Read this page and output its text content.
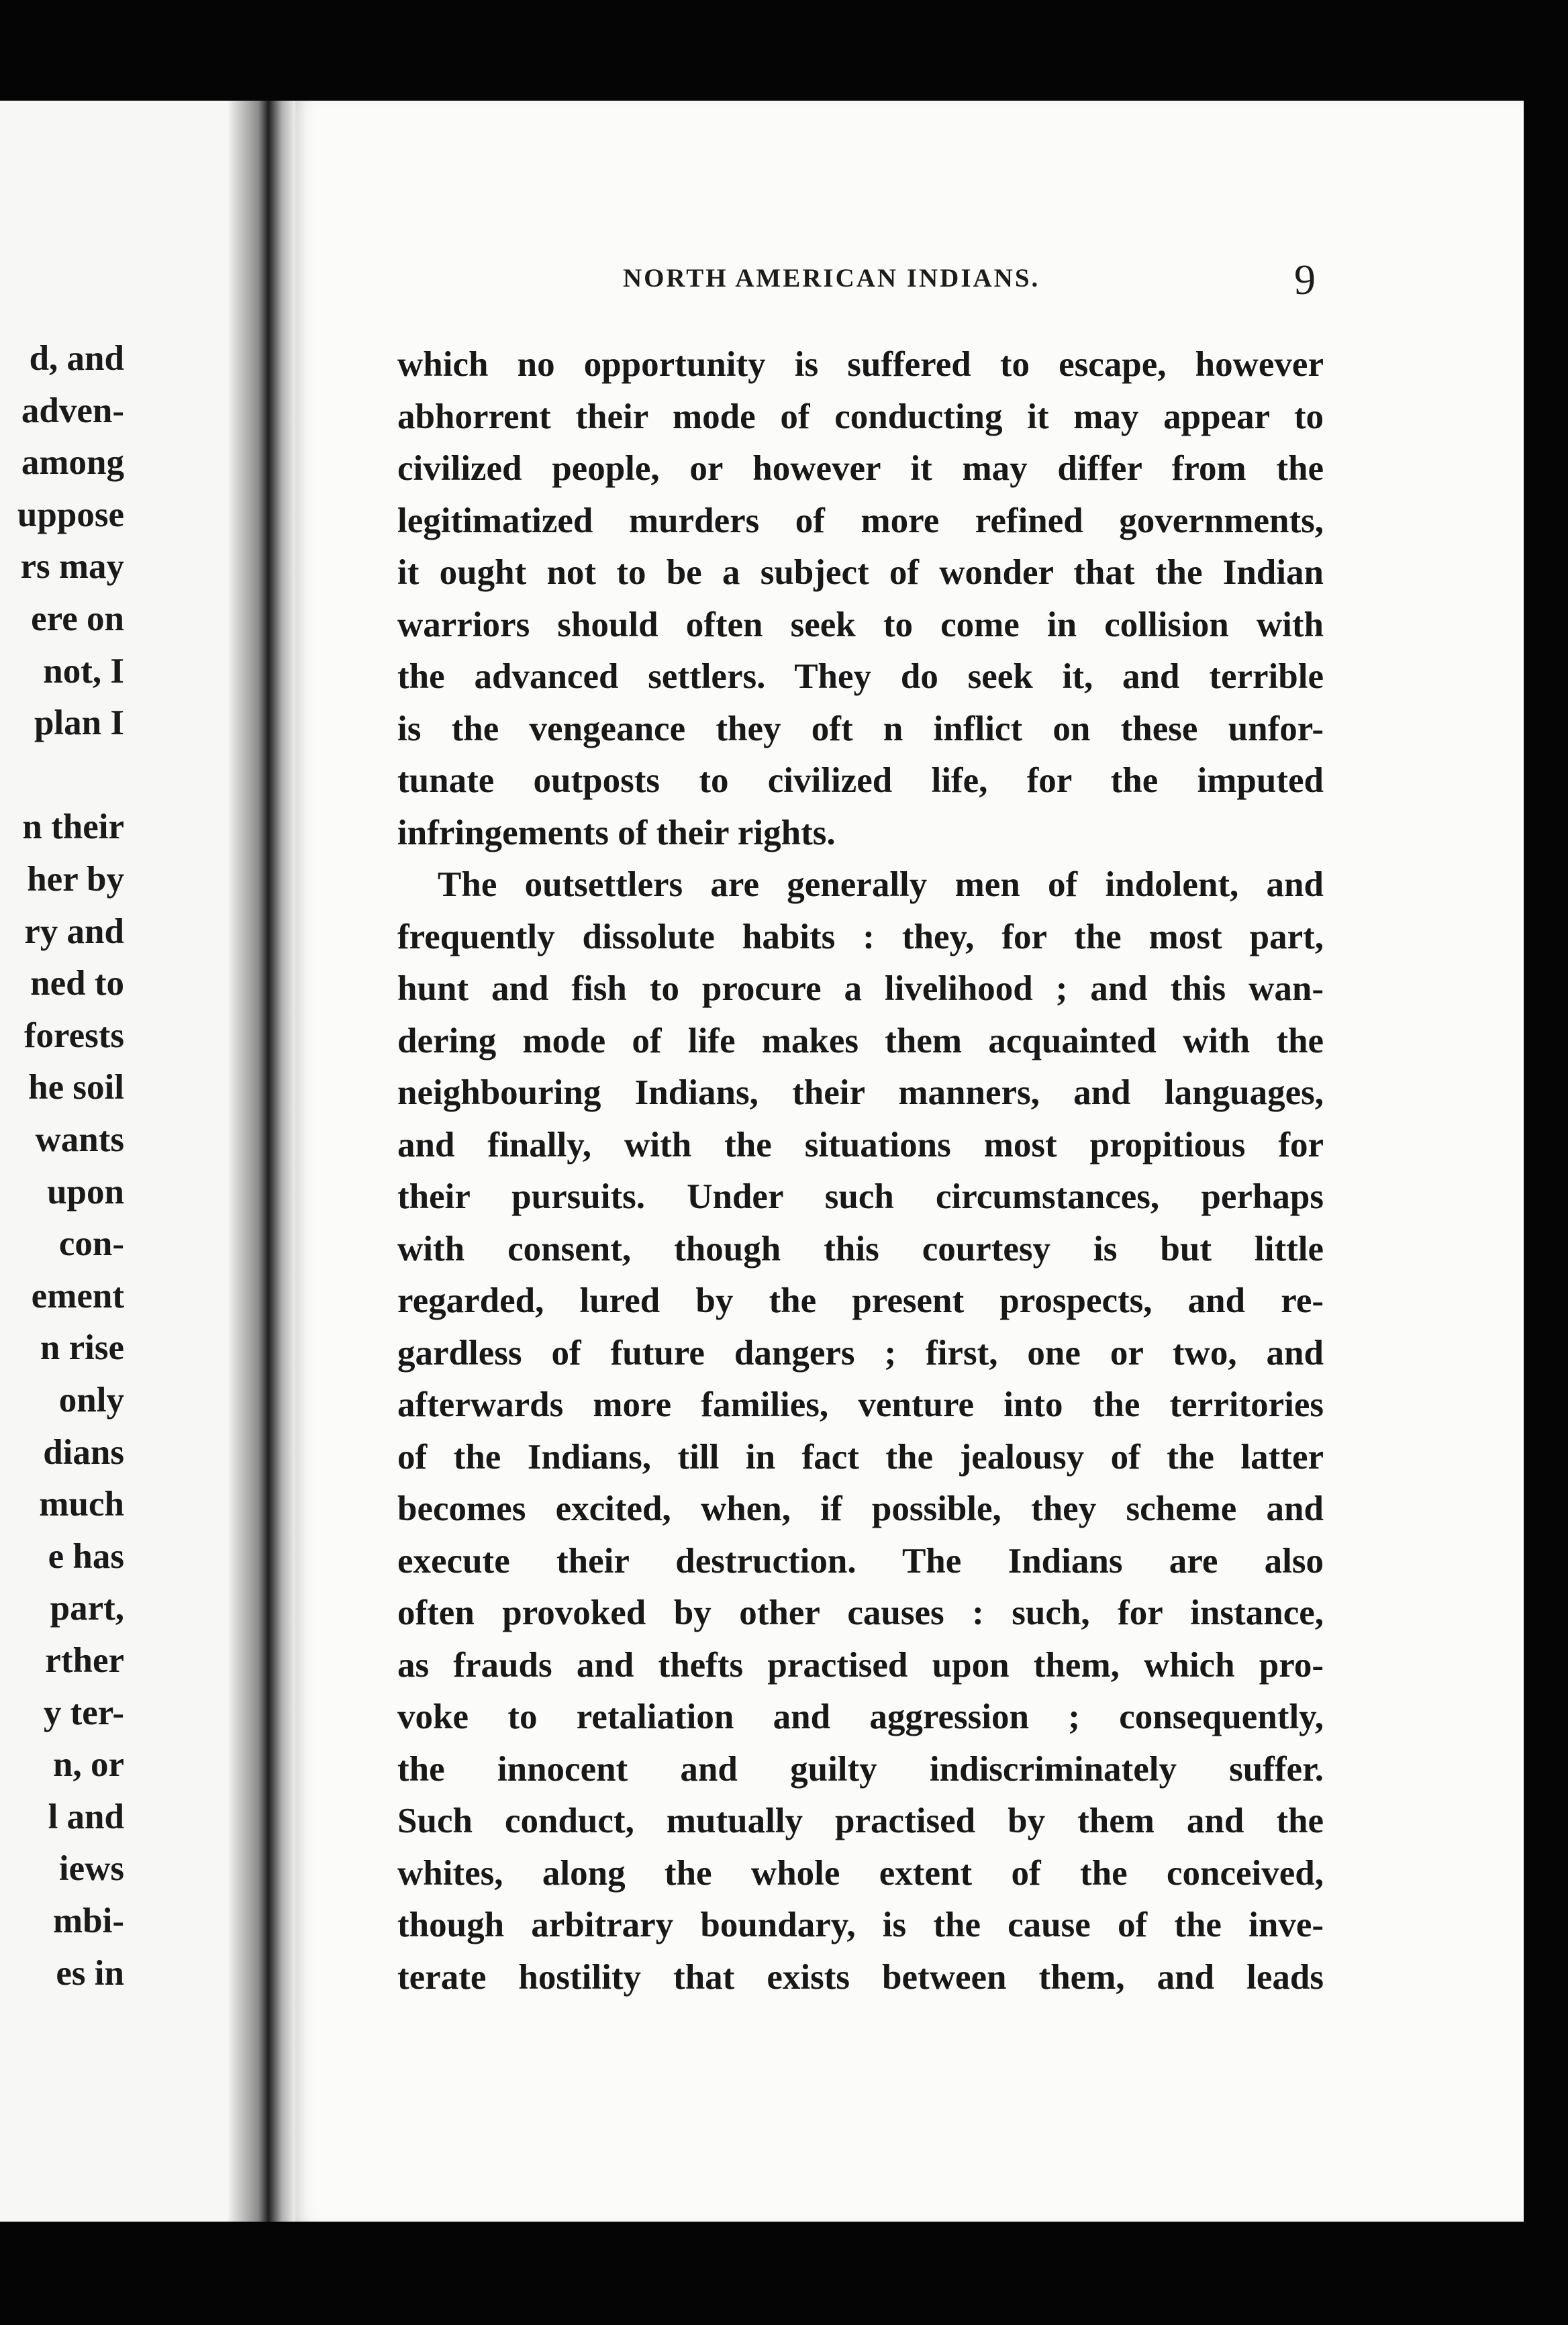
d, and
adven-
among
uppose
rs may
ere on
not, I
plan I
n their
her by
ry and
ned to
forests
he soil
wants
upon
con-
ement
n rise
only
dians
much
e has
part,
rther
y ter-
n, or
l and
iews
mbi-
es in
NORTH AMERICAN INDIANS.	9
which no opportunity is suffered to escape, however
abhorrent their mode of conducting it may appear to
civilized people, or however it may differ from the
legitimatized murders of more refined governments,
it ought not to be a subject of wonder that the Indian
warriors should often seek to come in collision with
the advanced settlers. They do seek it, and terrible
is the vengeance they oft n inflict on these unfor-
tunate outposts to civilized life, for the imputed
infringements of their rights.
The outsettlers are generally men of indolent, and
frequently dissolute habits : they, for the most part,
hunt and fish to procure a livelihood ; and this wan-
dering mode of life makes them acquainted with the
neighbouring Indians, their manners, and languages,
and finally, with the situations most propitious for
their pursuits. Under such circumstances, perhaps
with consent, though this courtesy is but little
regarded, lured by the present prospects, and re-
gardless of future dangers ; first, one or two, and
afterwards more families, venture into the territories
of the Indians, till in fact the jealousy of the latter
becomes excited, when, if possible, they scheme and
execute their destruction. The Indians are also
often provoked by other causes : such, for instance,
as frauds and thefts practised upon them, which pro-
voke to retaliation and aggression ; consequently,
the innocent and guilty indiscriminately suffer.
Such conduct, mutually practised by them and the
whites, along the whole extent of the conceived,
though arbitrary boundary, is the cause of the inve-
terate hostility that exists between them, and leads
